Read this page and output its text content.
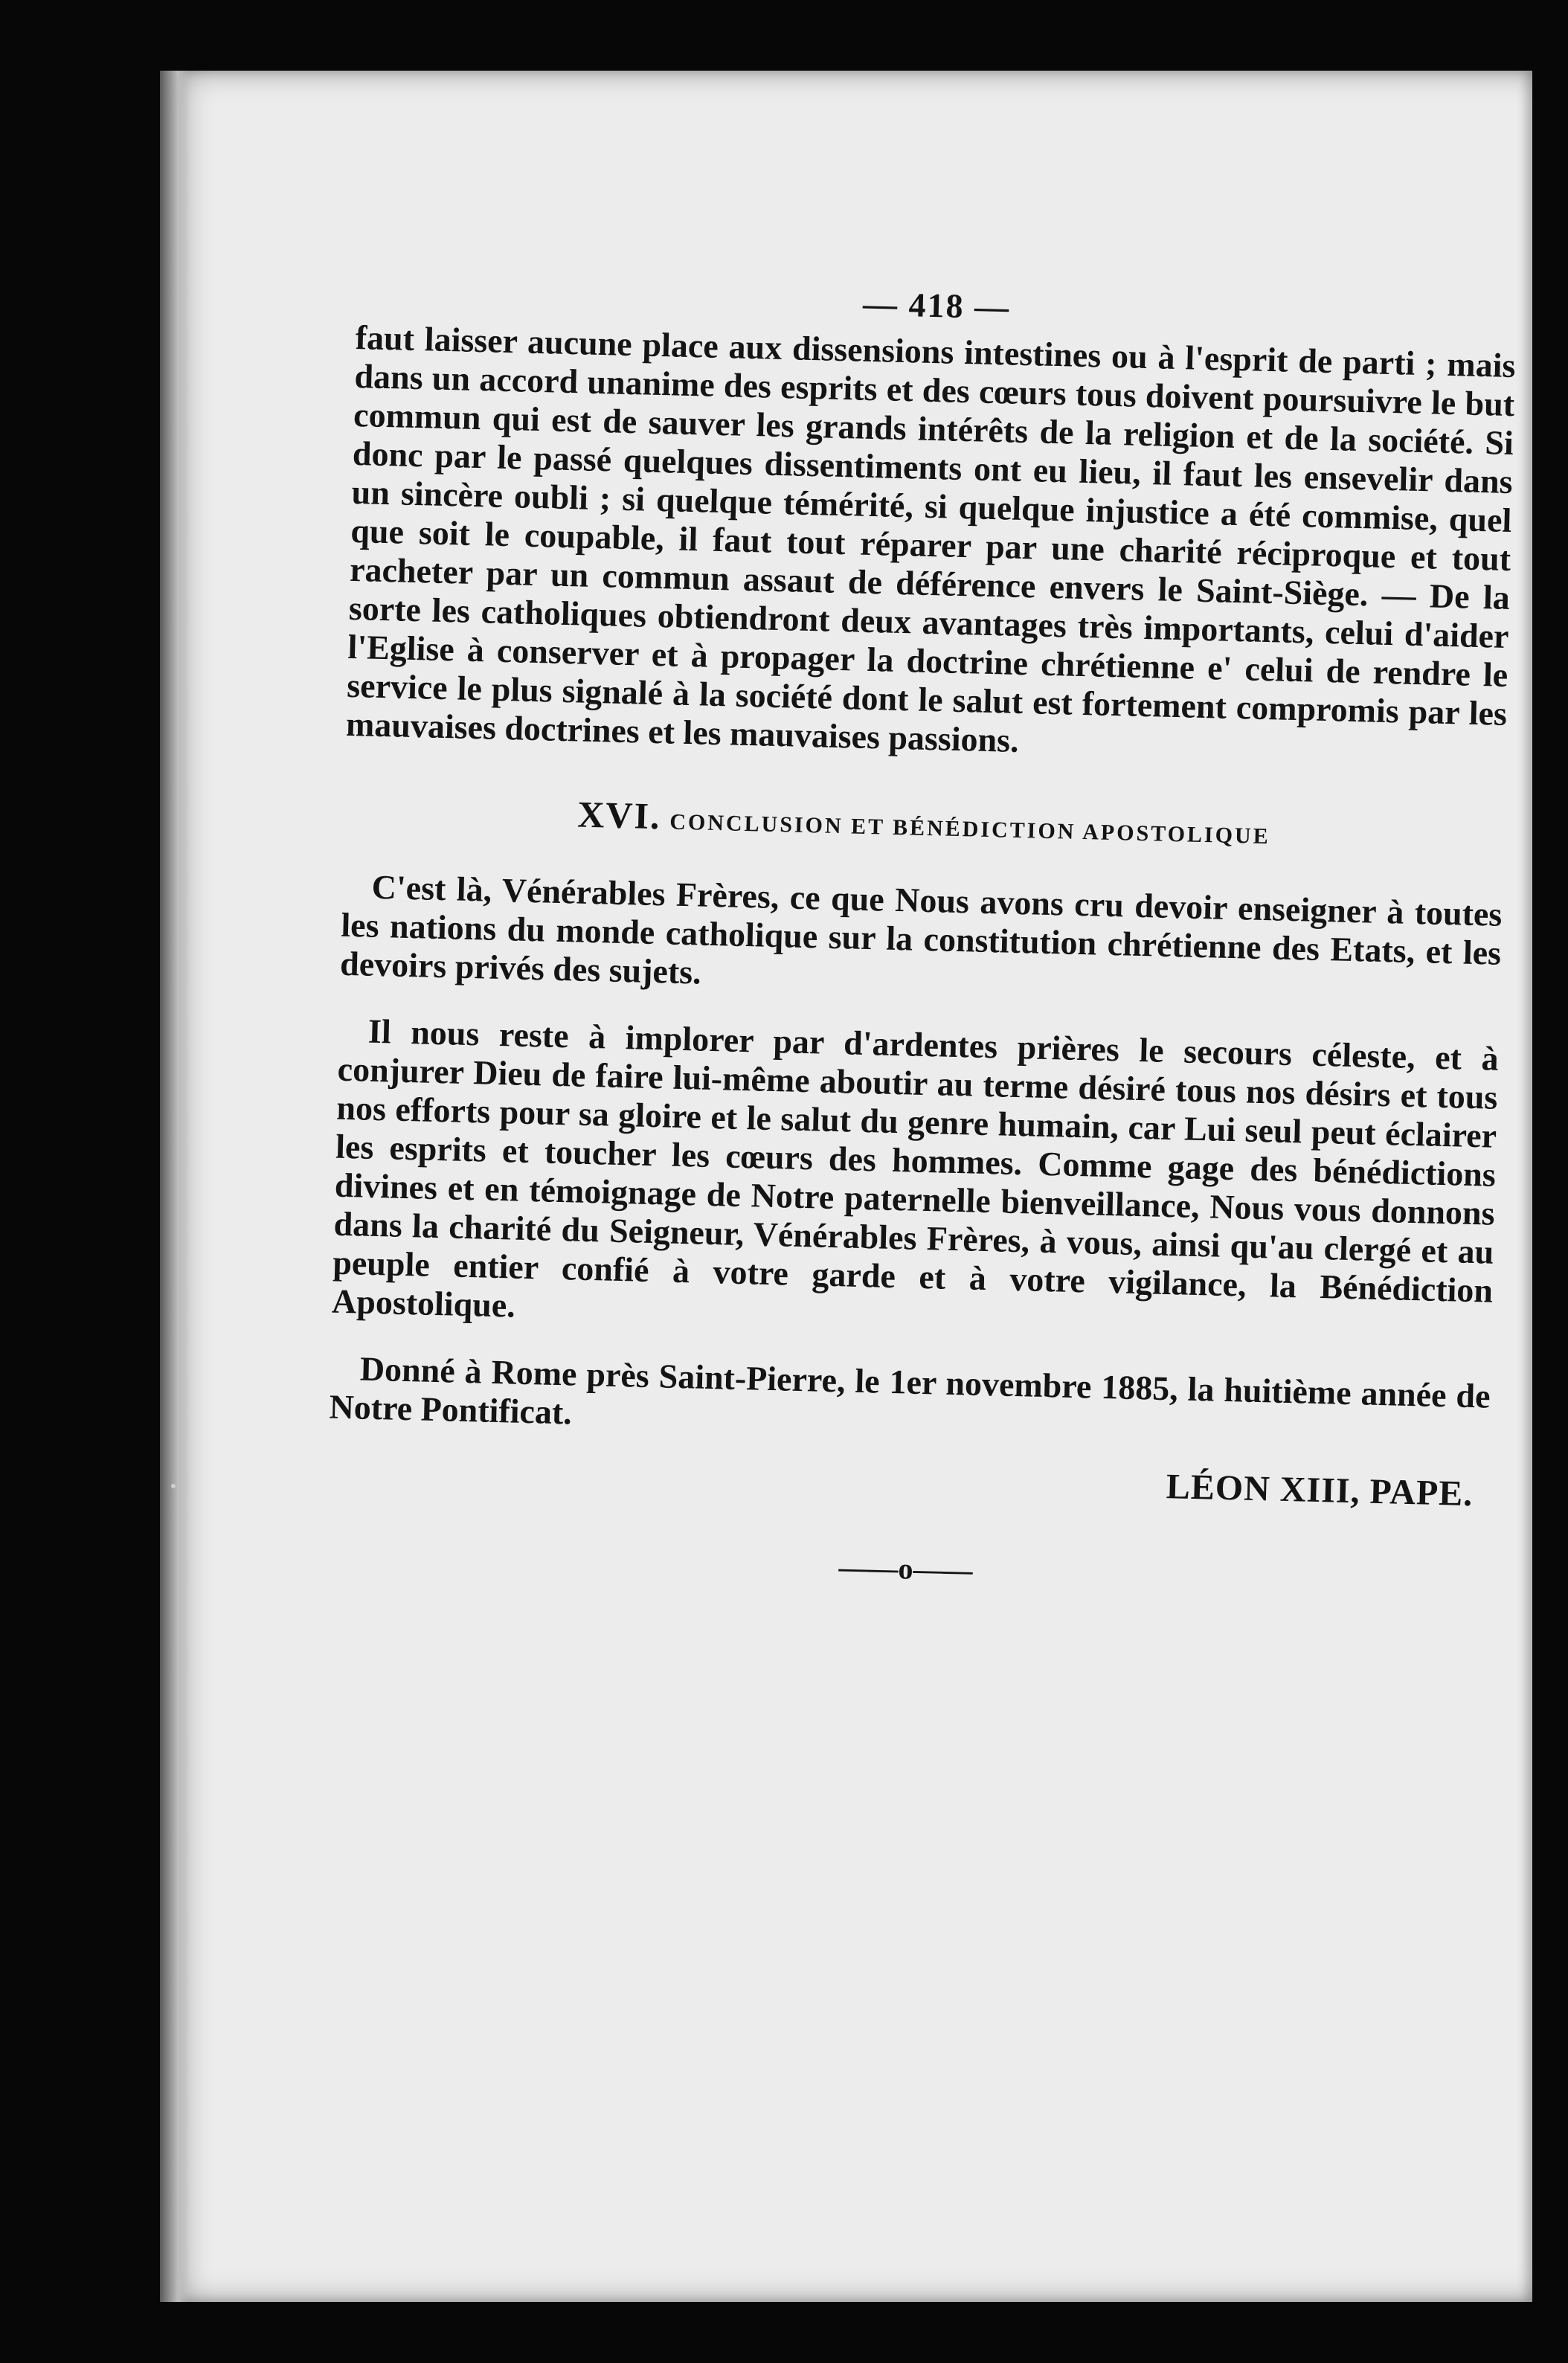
— 418 —

faut laisser aucune place aux dissensions intestines ou à l'esprit de parti ; mais dans un accord unanime des esprits et des cœurs tous doivent poursuivre le but commun qui est de sauver les grands intérêts de la religion et de la société. Si donc par le passé quelques dissentiments ont eu lieu, il faut les ensevelir dans un sincère oubli ; si quelque témérité, si quelque injustice a été commise, quel que soit le coupable, il faut tout réparer par une charité réciproque et tout racheter par un commun assaut de déférence envers le Saint-Siège. — De la sorte les catholiques obtiendront deux avantages très importants, celui d'aider l'Eglise à conserver et à propager la doctrine chrétienne e' celui de rendre le service le plus signalé à la société dont le salut est fortement compromis par les mauvaises doctrines et les mauvaises passions.

XVI. CONCLUSION ET BÉNÉDICTION APOSTOLIQUE

C'est là, Vénérables Frères, ce que Nous avons cru devoir enseigner à toutes les nations du monde catholique sur la constitution chrétienne des Etats, et les devoirs privés des sujets.

Il nous reste à implorer par d'ardentes prières le secours céleste, et à conjurer Dieu de faire lui-même aboutir au terme désiré tous nos désirs et tous nos efforts pour sa gloire et le salut du genre humain, car Lui seul peut éclairer les esprits et toucher les cœurs des hommes. Comme gage des bénédictions divines et en témoignage de Notre paternelle bienveillance, Nous vous donnons dans la charité du Seigneur, Vénérables Frères, à vous, ainsi qu'au clergé et au peuple entier confié à votre garde et à votre vigilance, la Bénédiction Apostolique.

Donné à Rome près Saint-Pierre, le 1er novembre 1885, la huitième année de Notre Pontificat.

LÉON XIII, PAPE.
——o——
